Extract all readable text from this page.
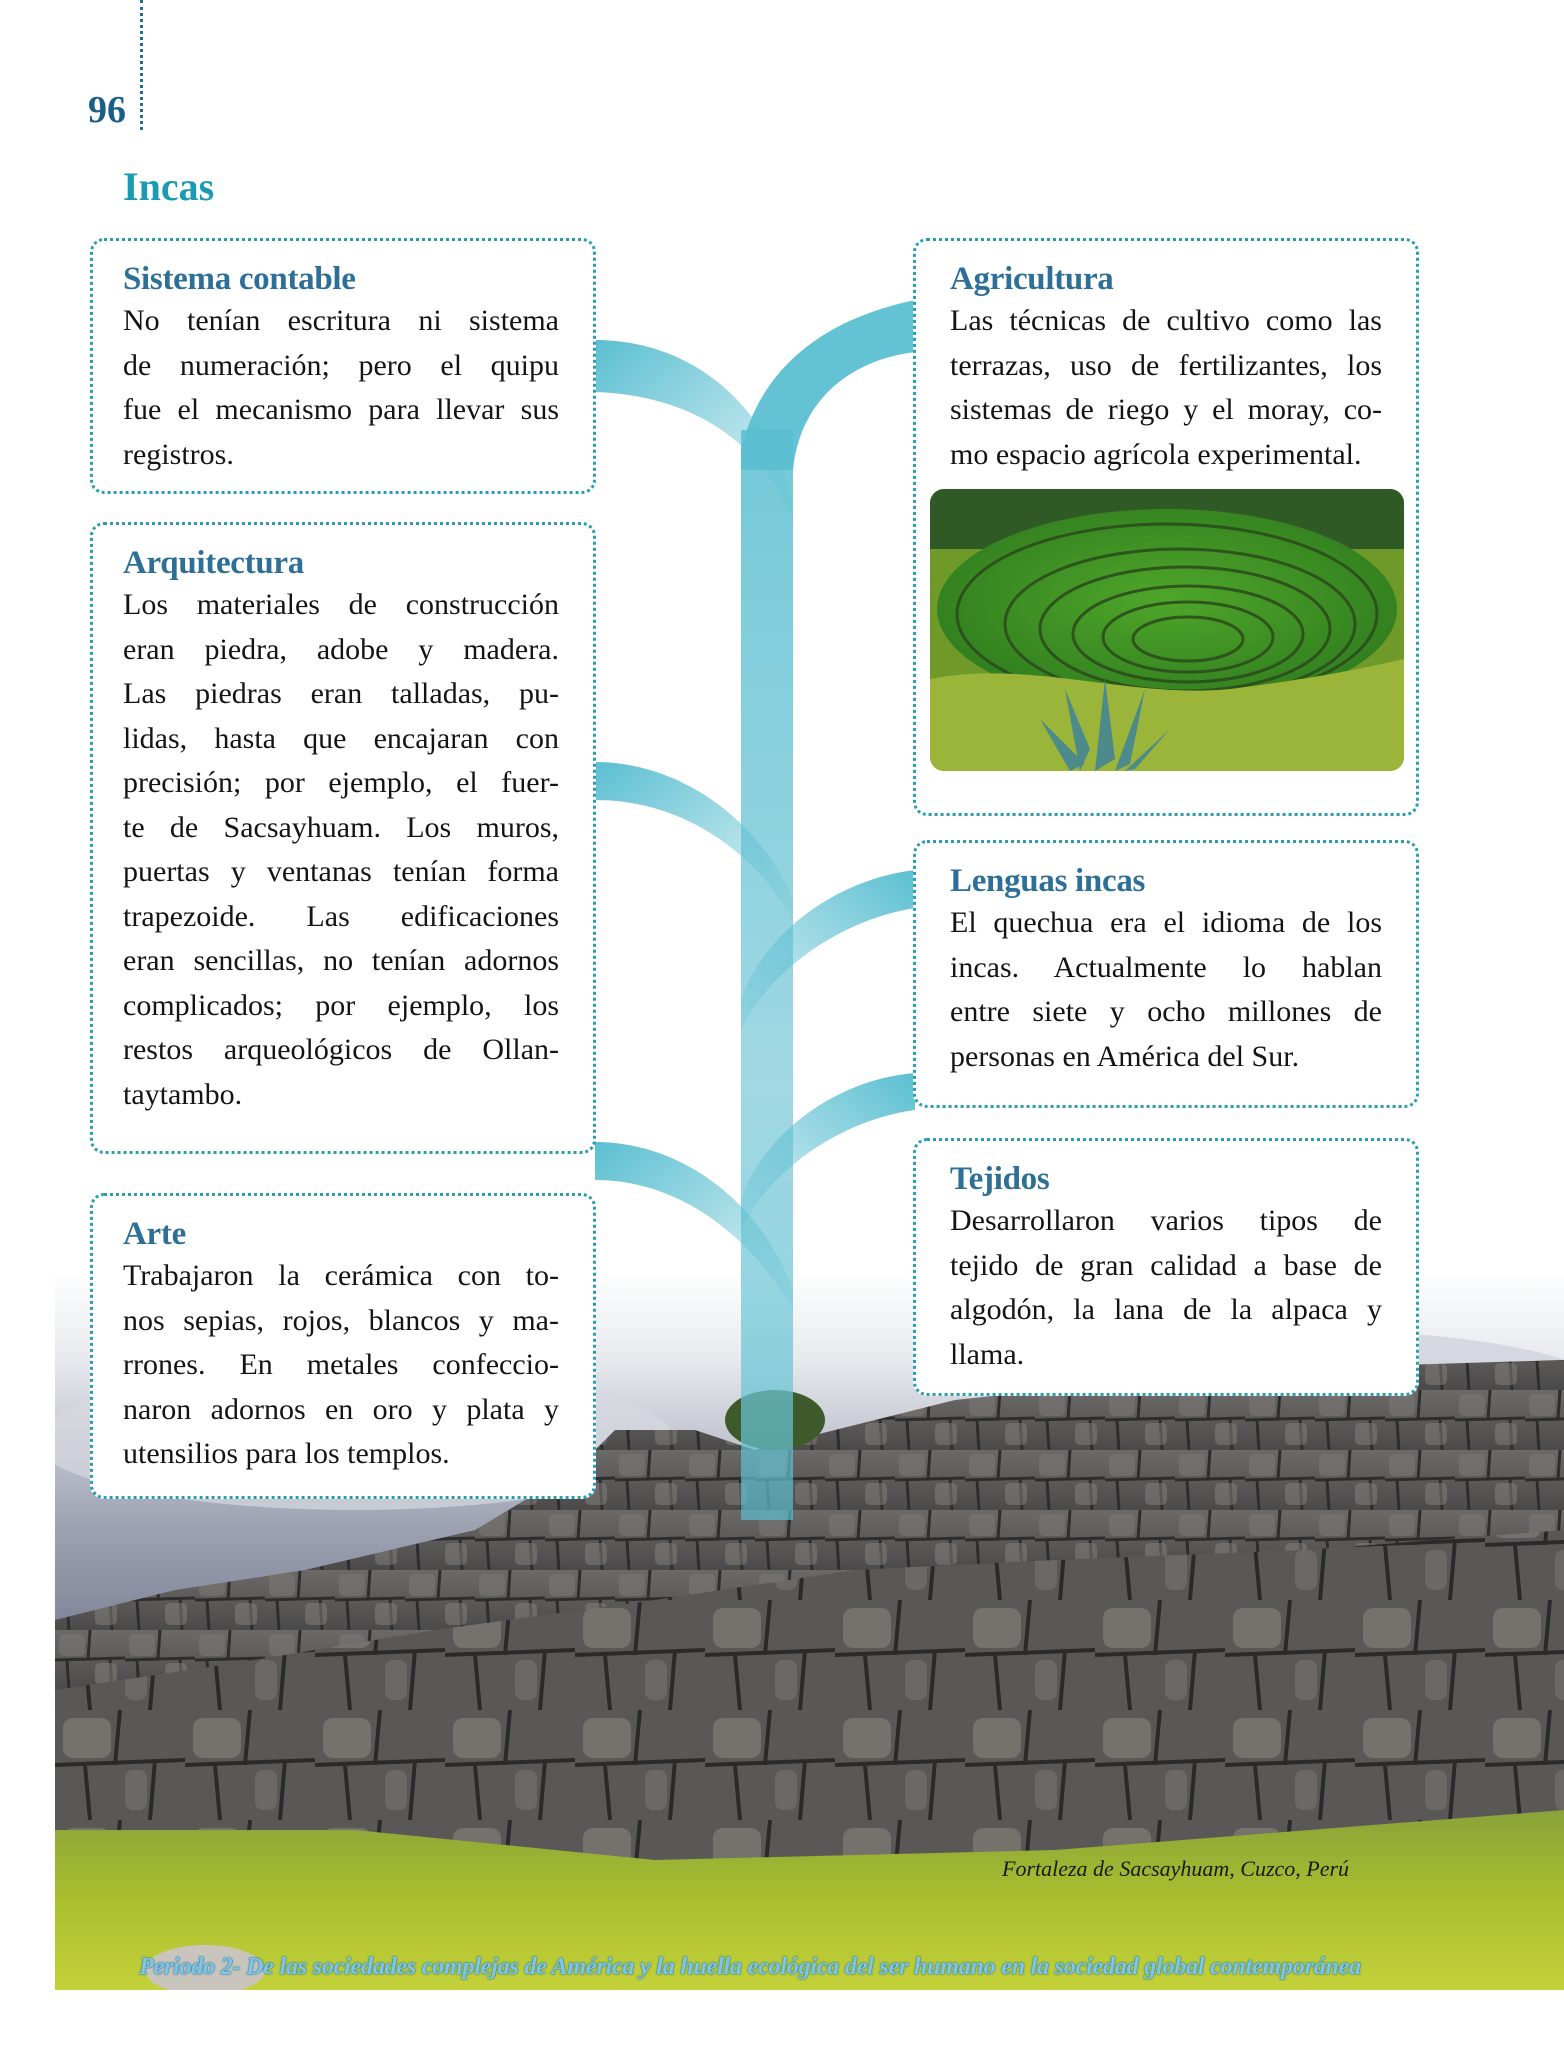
96
Incas
Sistema contable

No tenían escritura ni sistema
de numeración; pero el quipu
fue el mecanismo para llevar sus
registros.

Arquitectura

Los materiales de construcción
eran piedra, adobe y madera.
Las piedras eran talladas, pu-
lidas, hasta que encajaran con
precisión; por ejemplo, el fuer-
te de Sacsayhuam. Los muros,
puertas y ventanas tenían forma
trapezoide. Las edificaciones
eran sencillas, no tenían adornos
complicados; por ejemplo, los
restos arqueológicos de Ollan-
taytambo.

Arte

Trabajaron la cerámica con to-
nos sepias, rojos, blancos y ma-
rrones. En metales confeccio-
naron adornos en oro y plata y
utensilios para los templos.

Agricultura

Las técnicas de cultivo como las
terrazas, uso de fertilizantes, los
sistemas de riego y el moray, co-
mo espacio agrícola experimental.

Lenguas incas

El quechua era el idioma de los
incas. Actualmente lo hablan
entre siete y ocho millones de
personas en América del Sur.

Tejidos

Desarrollaron varios tipos de
tejido de gran calidad a base de
algodón, la lana de la alpaca y
llama.

Fortaleza de Sacsayhuam, Cuzco, Perú
Periodo 2- De las sociedades complejas de América y la huella ecológica del ser humano en la sociedad global contemporánea
